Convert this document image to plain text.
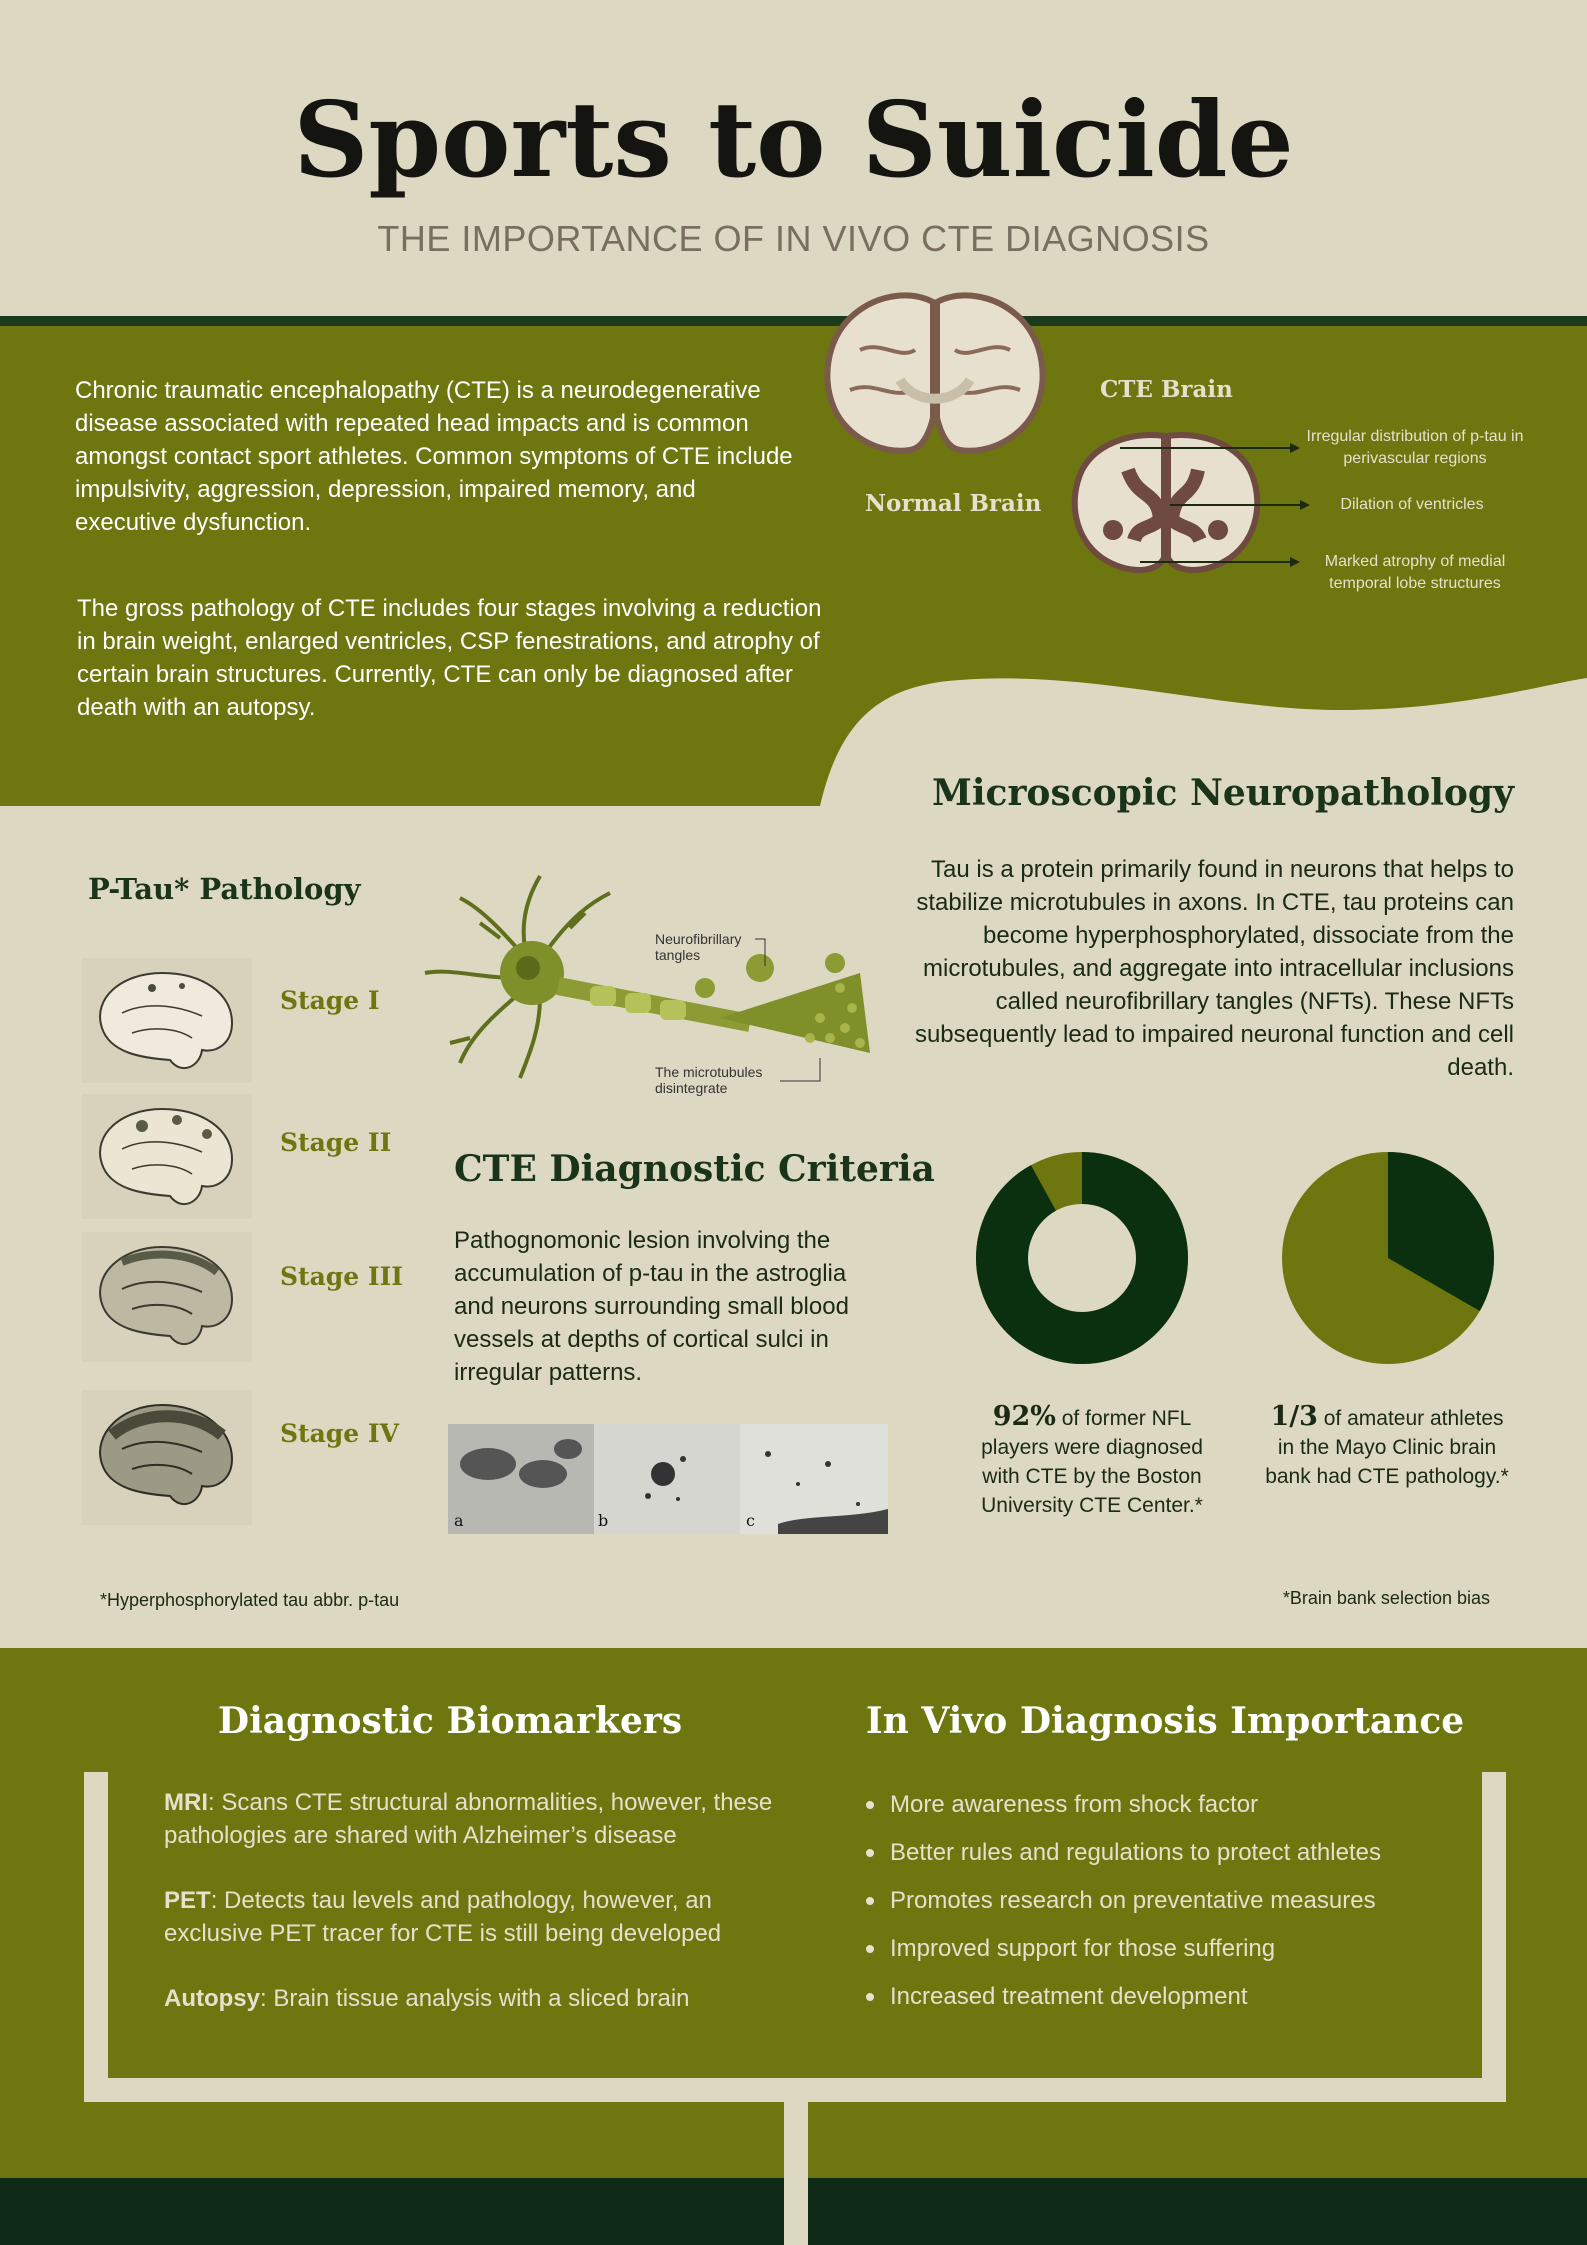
Sports to Suicide
THE IMPORTANCE OF IN VIVO CTE DIAGNOSIS
Chronic traumatic encephalopathy (CTE) is a neurodegenerative disease associated with repeated head impacts and is common amongst contact sport athletes. Common symptoms of CTE include impulsivity, aggression, depression, impaired memory, and executive dysfunction.
The gross pathology of CTE includes four stages involving a reduction in brain weight, enlarged ventricles, CSP fenestrations, and atrophy of certain brain structures. Currently, CTE can only be diagnosed after death with an autopsy.
Normal Brain
CTE Brain
Irregular distribution of p-tau in perivascular regions
Dilation of ventricles
Marked atrophy of medial temporal lobe structures
Microscopic Neuropathology
Tau is a protein primarily found in neurons that helps to stabilize microtubules in axons. In CTE, tau proteins can become hyperphosphorylated, dissociate from the microtubules, and aggregate into intracellular inclusions called neurofibrillary tangles (NFTs). These NFTs subsequently lead to impaired neuronal function and cell death.
P-Tau* Pathology
Stage I
Stage II
Stage III
Stage IV
Neurofibrillary
tangles
The microtubules
disintegrate
CTE Diagnostic Criteria
Pathognomonic lesion involving the accumulation of p-tau in the astroglia and neurons surrounding small blood vessels at depths of cortical sulci in irregular patterns.
a	b	c
92% of former NFL players were diagnosed with CTE by the Boston University CTE Center.*
1/3 of amateur athletes in the Mayo Clinic brain bank had CTE pathology.*
*Hyperphosphorylated tau abbr. p-tau	*Brain bank selection bias
Diagnostic Biomarkers	In Vivo Diagnosis Importance
MRI: Scans CTE structural abnormalities, however, these pathologies are shared with Alzheimer’s disease
PET: Detects tau levels and pathology, however, an exclusive PET tracer for CTE is still being developed
Autopsy: Brain tissue analysis with a sliced brain
More awareness from shock factor
Better rules and regulations to protect athletes
Promotes research on preventative measures
Improved support for those suffering
Increased treatment development
